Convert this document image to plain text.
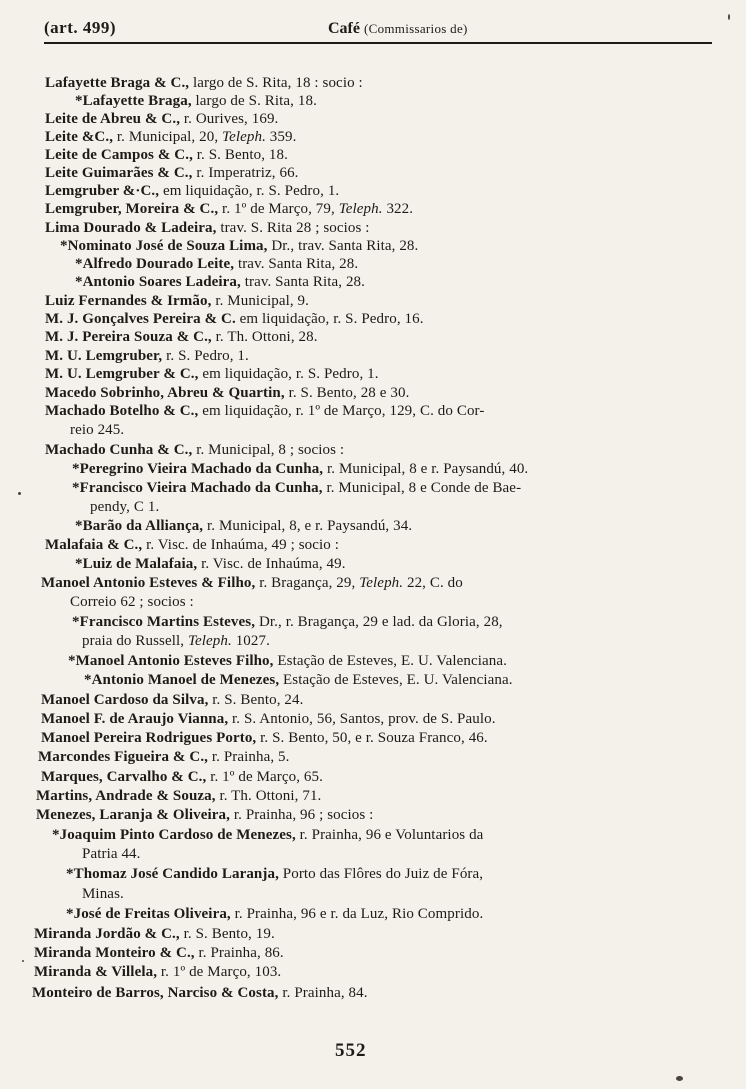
(art. 499)	Café (Commissarios de)
Lafayette Braga & C., largo de S. Rita, 18 : socio :
*Lafayette Braga, largo de S. Rita, 18.
Leite de Abreu & C., r. Ourives, 169.
Leite &C., r. Municipal, 20, Teleph. 359.
Leite de Campos & C., r. S. Bento, 18.
Leite Guimarães & C., r. Imperatriz, 66.
Lemgruber &·C., em liquidação, r. S. Pedro, 1.
Lemgruber, Moreira & C., r. 1º de Março, 79, Teleph. 322.
Lima Dourado & Ladeira, trav. S. Rita 28 ; socios :
*Nominato José de Souza Lima, Dr., trav. Santa Rita, 28.
*Alfredo Dourado Leite, trav. Santa Rita, 28.
*Antonio Soares Ladeira, trav. Santa Rita, 28.
Luiz Fernandes & Irmão, r. Municipal, 9.
M. J. Gonçalves Pereira & C. em liquidação, r. S. Pedro, 16.
M. J. Pereira Souza & C., r. Th. Ottoni, 28.
M. U. Lemgruber, r. S. Pedro, 1.
M. U. Lemgruber & C., em liquidação, r. S. Pedro, 1.
Macedo Sobrinho, Abreu & Quartin, r. S. Bento, 28 e 30.
Machado Botelho & C., em liquidação, r. 1º de Março, 129, C. do Cor-
reio 245.
Machado Cunha & C., r. Municipal, 8 ; socios :
*Peregrino Vieira Machado da Cunha, r. Municipal, 8 e r. Paysandú, 40.
*Francisco Vieira Machado da Cunha, r. Municipal, 8 e Conde de Bae-
pendy, C 1.
*Barão da Alliança, r. Municipal, 8, e r. Paysandú, 34.
Malafaia & C., r. Visc. de Inhaúma, 49 ; socio :
*Luiz de Malafaia, r. Visc. de Inhaúma, 49.
Manoel Antonio Esteves & Filho, r. Bragança, 29, Teleph. 22, C. do
Correio 62 ; socios :
*Francisco Martins Esteves, Dr., r. Bragança, 29 e lad. da Gloria, 28,
praia do Russell, Teleph. 1027.
*Manoel Antonio Esteves Filho, Estação de Esteves, E. U. Valenciana.
*Antonio Manoel de Menezes, Estação de Esteves, E. U. Valenciana.
Manoel Cardoso da Silva, r. S. Bento, 24.
Manoel F. de Araujo Vianna, r. S. Antonio, 56, Santos, prov. de S. Paulo.
Manoel Pereira Rodrigues Porto, r. S. Bento, 50, e r. Souza Franco, 46.
Marcondes Figueira & C., r. Prainha, 5.
Marques, Carvalho & C., r. 1º de Março, 65.
Martins, Andrade & Souza, r. Th. Ottoni, 71.
Menezes, Laranja & Oliveira, r. Prainha, 96 ; socios :
*Joaquim Pinto Cardoso de Menezes, r. Prainha, 96 e Voluntarios da
Patria 44.
*Thomaz José Candido Laranja, Porto das Flôres do Juiz de Fóra,
Minas.
*José de Freitas Oliveira, r. Prainha, 96 e r. da Luz, Rio Comprido.
Miranda Jordão & C., r. S. Bento, 19.
Miranda Monteiro & C., r. Prainha, 86.
Miranda & Villela, r. 1º de Março, 103.
Monteiro de Barros, Narciso & Costa, r. Prainha, 84.
552
